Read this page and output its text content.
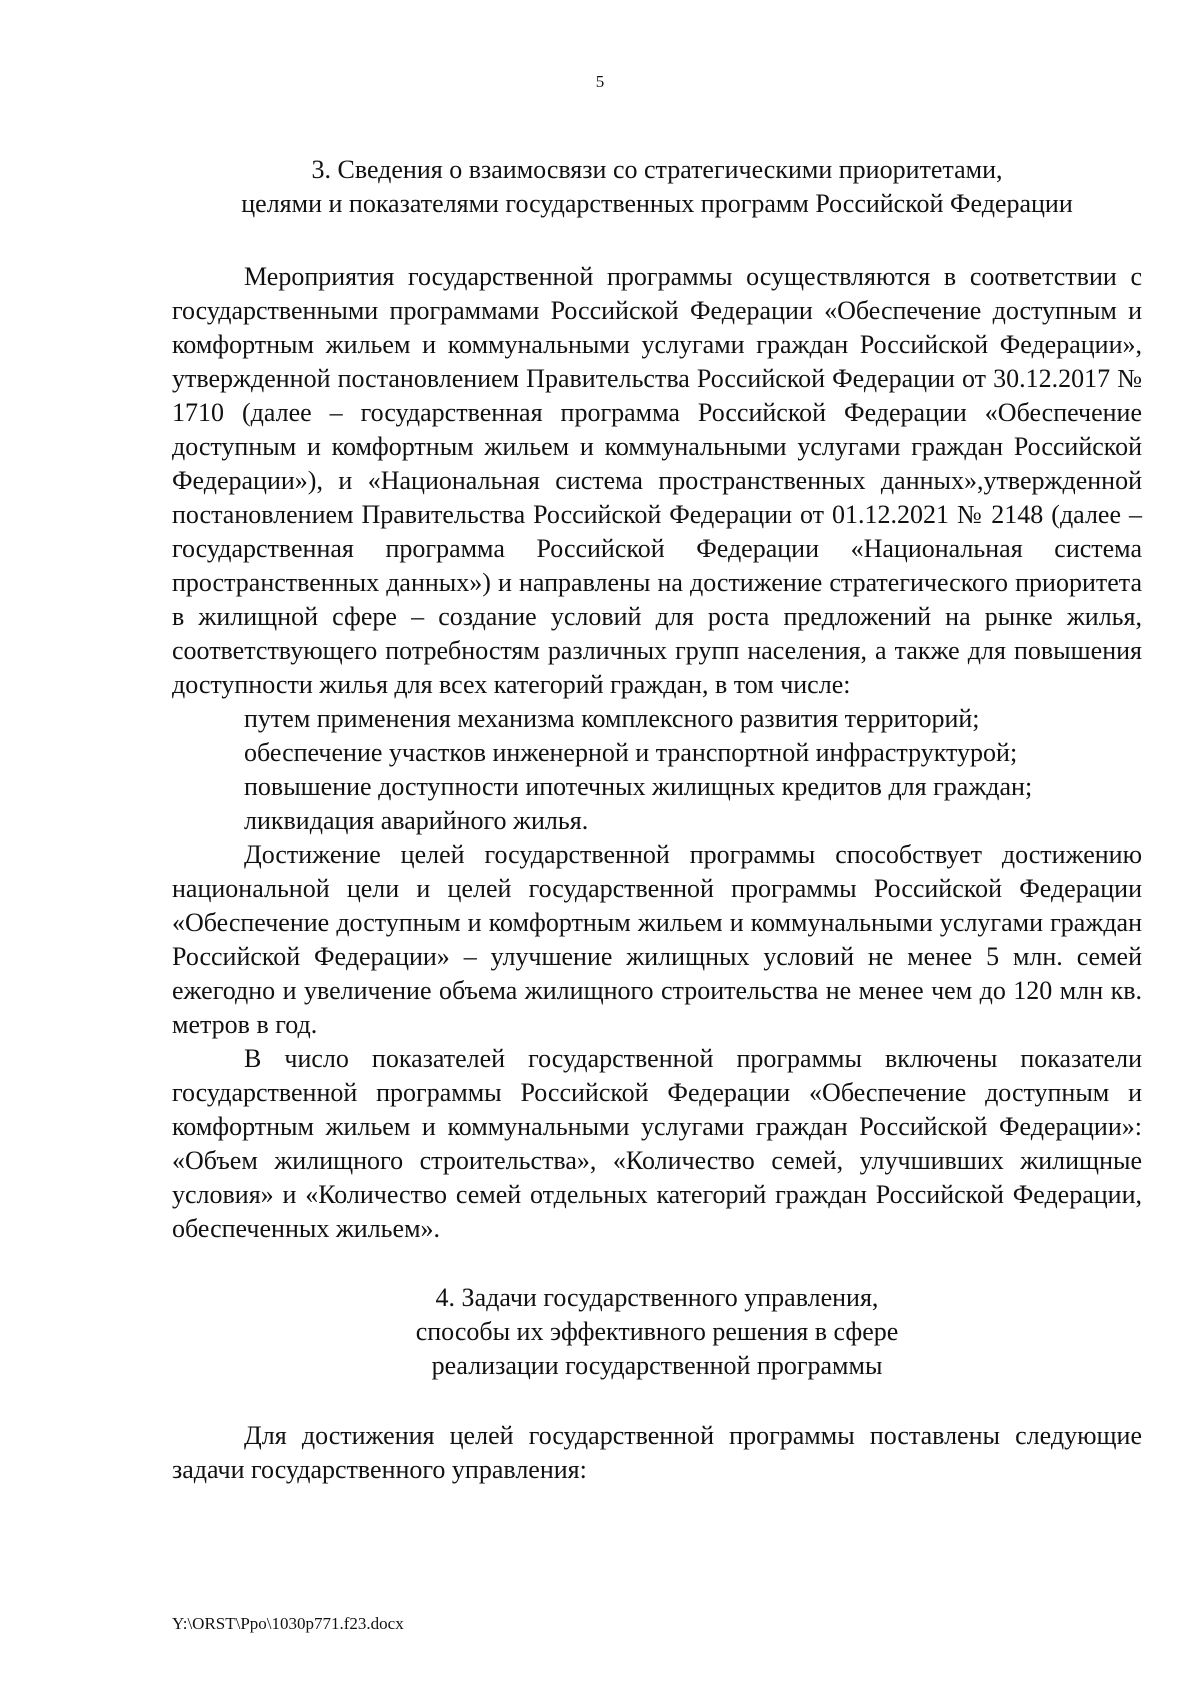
5
3. Сведения о взаимосвязи со стратегическими приоритетами,
целями и показателями государственных программ Российской Федерации

Мероприятия государственной программы осуществляются в соответствии с государственными программами Российской Федерации «Обеспечение доступным и комфортным жильем и коммунальными услугами граждан Российской Федерации», утвержденной постановлением Правительства Российской Федерации от 30.12.2017 № 1710 (далее – государственная программа Российской Федерации «Обеспечение доступным и комфортным жильем и коммунальными услугами граждан Российской Федерации»), и «Национальная система пространственных данных»,утвержденной постановлением Правительства Российской Федерации от 01.12.2021 № 2148 (далее – государственная программа Российской Федерации «Национальная система пространственных данных») и направлены на достижение стратегического приоритета в жилищной сфере – создание условий для роста предложений на рынке жилья, соответствующего потребностям различных групп населения, а также для повышения доступности жилья для всех категорий граждан, в том числе:

путем применения механизма комплексного развития территорий;
обеспечение участков инженерной и транспортной инфраструктурой;
повышение доступности ипотечных жилищных кредитов для граждан;
ликвидация аварийного жилья.

Достижение целей государственной программы способствует достижению национальной цели и целей государственной программы Российской Федерации «Обеспечение доступным и комфортным жильем и коммунальными услугами граждан Российской Федерации» – улучшение жилищных условий не менее 5 млн. семей ежегодно и увеличение объема жилищного строительства не менее чем до 120 млн кв. метров в год.

В число показателей государственной программы включены показатели государственной программы Российской Федерации «Обеспечение доступным и комфортным жильем и коммунальными услугами граждан Российской Федерации»: «Объем жилищного строительства», «Количество семей, улучшивших жилищные условия» и «Количество семей отдельных категорий граждан Российской Федерации, обеспеченных жильем».

4. Задачи государственного управления,
способы их эффективного решения в сфере
реализации государственной программы

Для достижения целей государственной программы поставлены следующие задачи государственного управления:

Y:\ORST\Ppo\1030p771.f23.docx
